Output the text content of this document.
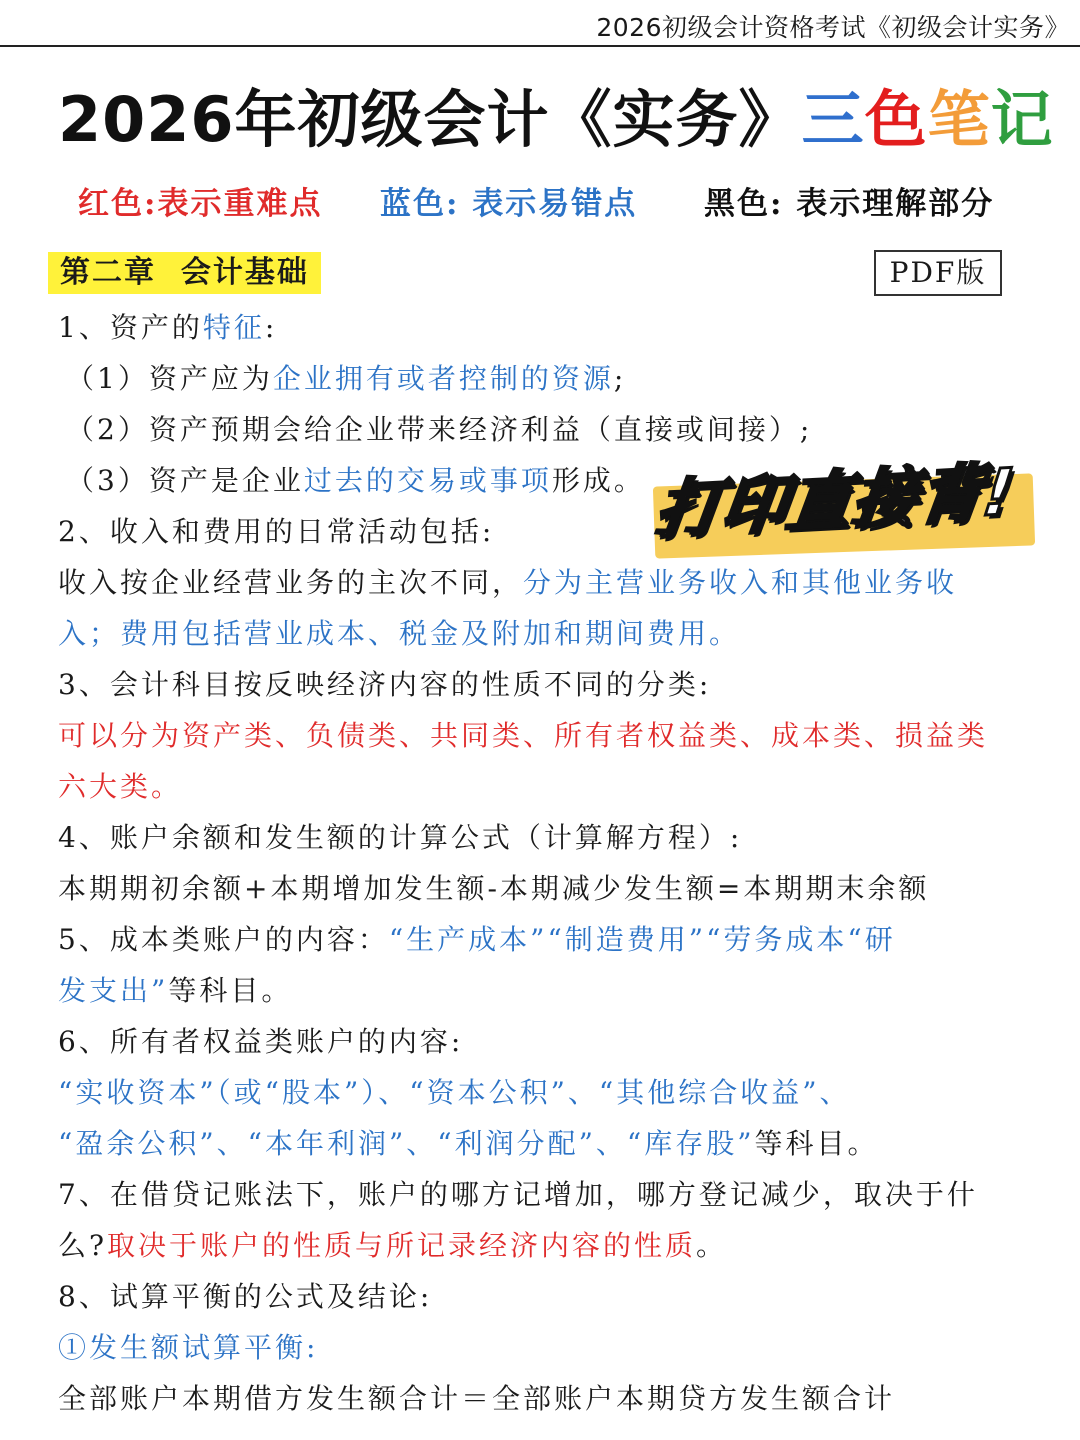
2026初级会计资格考试《初级会计实务》
2026年初级会计《实务》三色笔记
红色:表示重难点 蓝色: 表示易错点 黑色: 表示理解部分
第二章  会计基础	PDF版
打印直接背!
1、资产的特征:
（1）资产应为企业拥有或者控制的资源;
（2）资产预期会给企业带来经济利益（直接或间接）;
（3）资产是企业过去的交易或事项形成。
2、收入和费用的日常活动包括:
收入按企业经营业务的主次不同，分为主营业务收入和其他业务收
入；费用包括营业成本、税金及附加和期间费用。
3、会计科目按反映经济内容的性质不同的分类:
可以分为资产类、负债类、共同类、所有者权益类、成本类、损益类
六大类。
4、账户余额和发生额的计算公式（计算解方程）:
本期期初余额+本期增加发生额-本期减少发生额=本期期末余额
5、成本类账户的内容：“生产成本”“制造费用”“劳务成本“研
发支出”等科目。
6、所有者权益类账户的内容:
“实收资本”（或“股本”）、“资本公积”、“其他综合收益”、
“盈余公积”、“本年利润”、“利润分配”、“库存股”等科目。
7、在借贷记账法下，账户的哪方记增加，哪方登记减少，取决于什
么?取决于账户的性质与所记录经济内容的性质。
8、试算平衡的公式及结论:
①发生额试算平衡:
全部账户本期借方发生额合计＝全部账户本期贷方发生额合计
